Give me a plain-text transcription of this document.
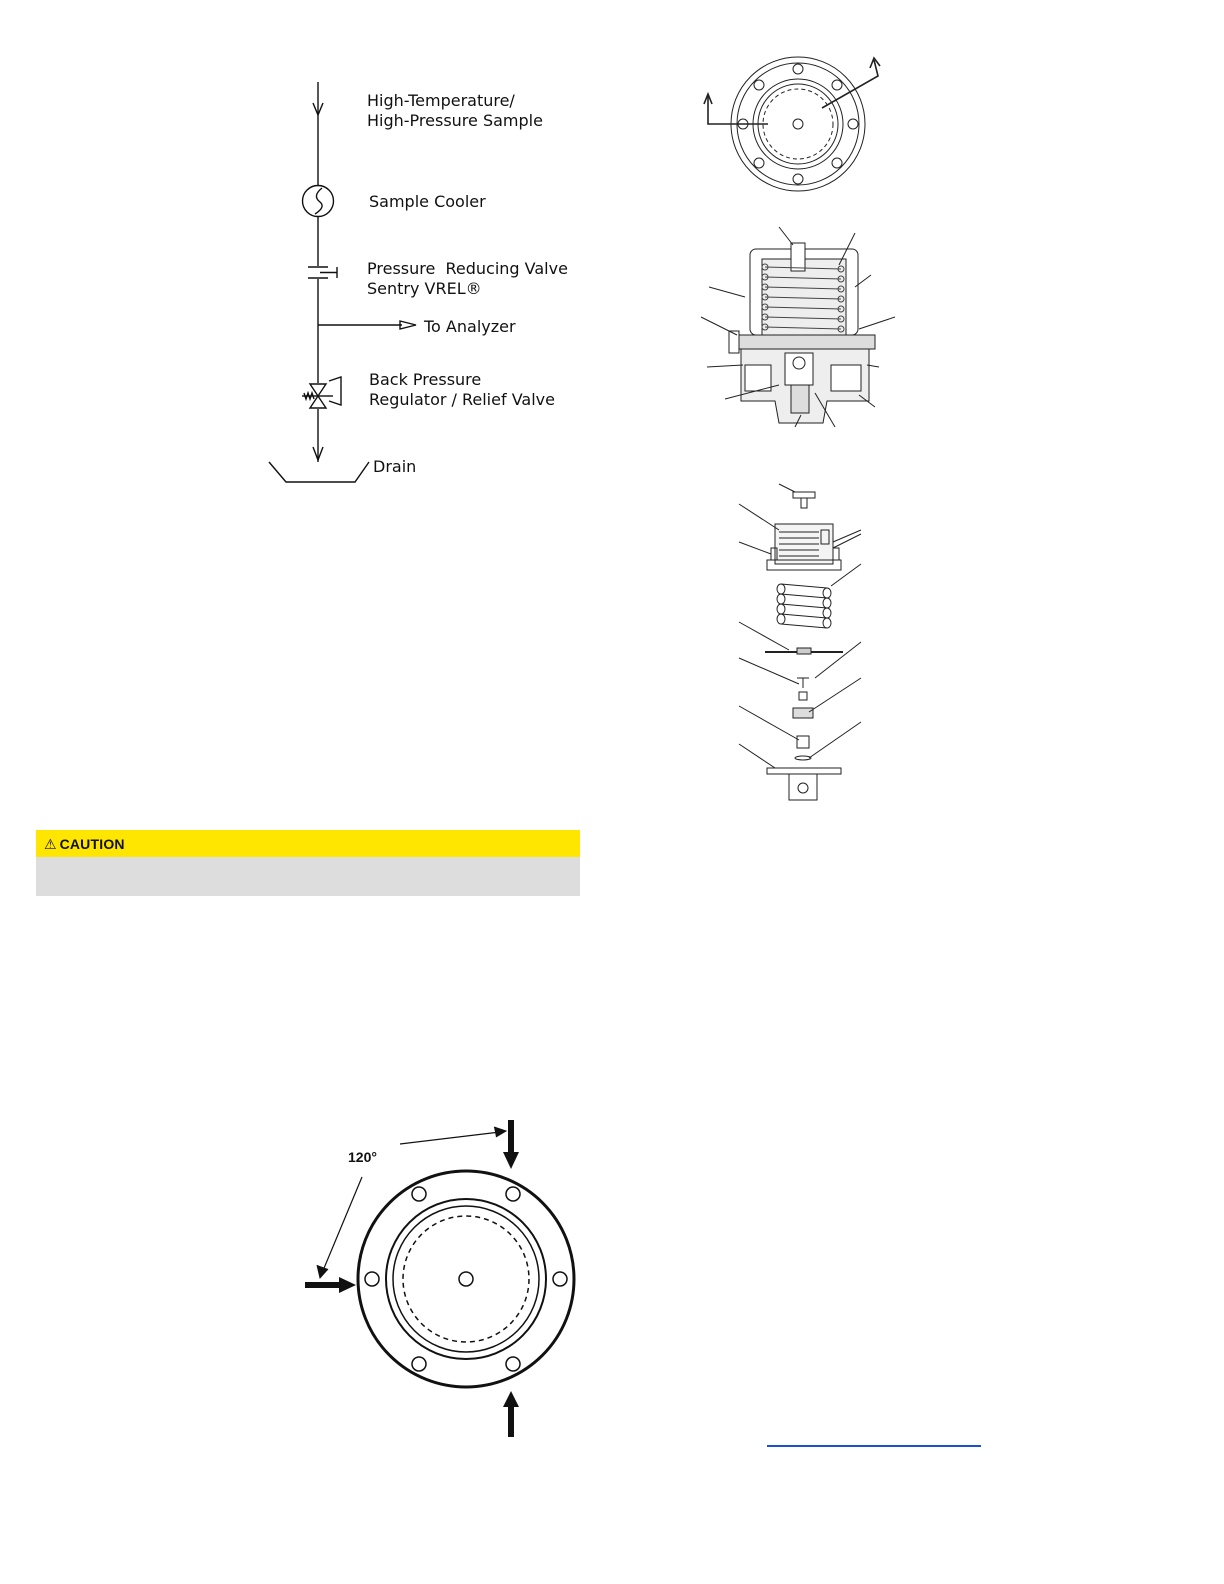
High-Temperature/
High-Pressure Sample
Sample Cooler
Pressure  Reducing Valve
Sentry VREL®
To Analyzer
Back Pressure
Regulator / Relief Valve
Drain
⚠ CAUTION
120°
